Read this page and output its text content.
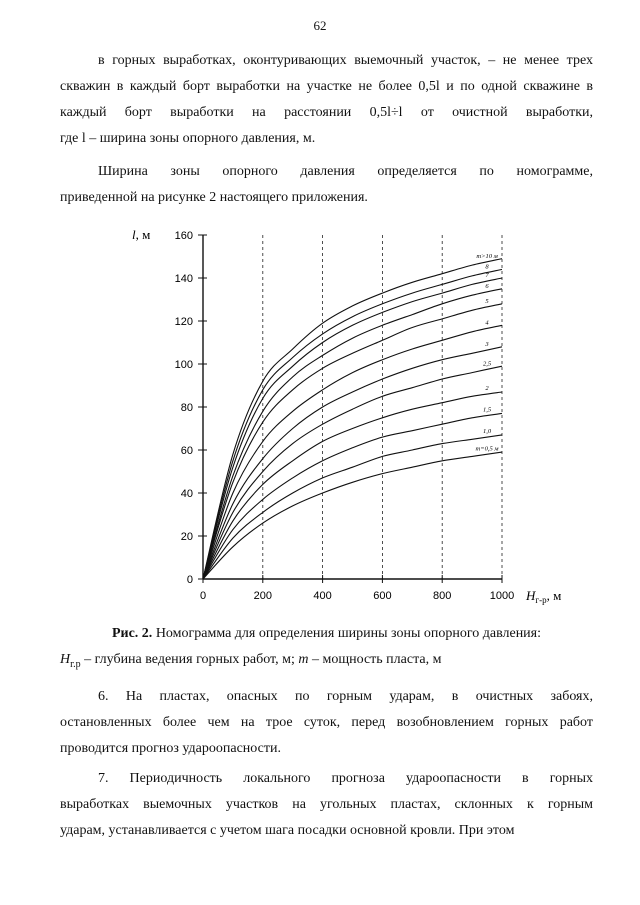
62

в горных выработках, оконтуривающих выемочный участок, – не менее трех

скважин в каждый борт выработки на участке не более 0,5l и по одной скважине в

каждый борт выработки на расстоянии 0,5l÷l от очистной выработки,

где l – ширина зоны опорного давления, м.

Ширина зоны опорного давления определяется по номограмме,

приведенной на рисунке 2 настоящего приложения.

0
20
40
60
80
100
120
140
160
0	200	400	600	800	1000
l, м
$H_{г-р}$, м
m>10 м
8
7
6
5
4
3
2,5
2
1,5
1,0
m=0,5 м
Рис. 2. Номограмма для определения ширины зоны опорного давления:
$H_{г.р}$ – глубина ведения горных работ, м; m – мощность пласта, м

6. На пластах, опасных по горным ударам, в очистных забоях,

остановленных более чем на трое суток, перед возобновлением горных работ

проводится прогноз удароопасности.

7. Периодичность локального прогноза удароопасности в горных

выработках выемочных участков на угольных пластах, склонных к горным

ударам, устанавливается с учетом шага посадки основной кровли. При этом
